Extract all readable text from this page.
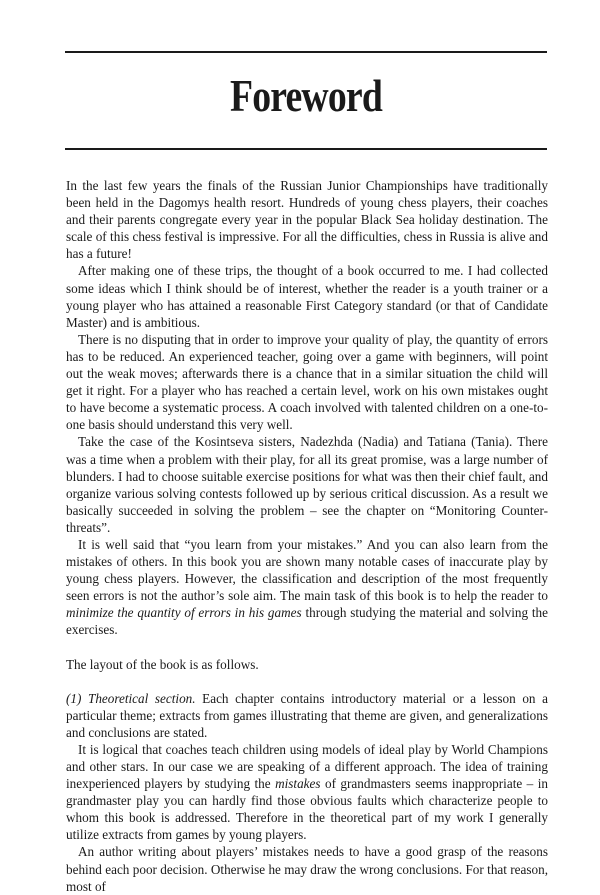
Foreword

In the last few years the finals of the Russian Junior Championships have traditionally been held in the Dagomys health resort. Hundreds of young chess players, their coaches and their parents congregate every year in the popular Black Sea holiday destination. The scale of this chess festival is impressive. For all the difficulties, chess in Russia is alive and has a future!

After making one of these trips, the thought of a book occurred to me. I had collected some ideas which I think should be of interest, whether the reader is a youth trainer or a young player who has attained a reasonable First Category standard (or that of Candidate Master) and is ambitious.

There is no disputing that in order to improve your quality of play, the quantity of errors has to be reduced. An experienced teacher, going over a game with beginners, will point out the weak moves; afterwards there is a chance that in a similar situation the child will get it right. For a player who has reached a certain level, work on his own mistakes ought to have become a systematic process. A coach involved with talented children on a one-to-one basis should understand this very well.

Take the case of the Kosintseva sisters, Nadezhda (Nadia) and Tatiana (Tania). There was a time when a problem with their play, for all its great promise, was a large number of blunders. I had to choose suitable exercise positions for what was then their chief fault, and organize various solving contests followed up by serious critical discussion. As a result we basically succeeded in solving the problem – see the chapter on “Monitoring Counter-threats”.

It is well said that “you learn from your mistakes.” And you can also learn from the mistakes of others. In this book you are shown many notable cases of inaccurate play by young chess players. However, the classification and description of the most frequently seen errors is not the author’s sole aim. The main task of this book is to help the reader to minimize the quantity of errors in his games through studying the material and solving the exercises.

The layout of the book is as follows.

(1) Theoretical section. Each chapter contains introductory material or a lesson on a particular theme; extracts from games illustrating that theme are given, and generalizations and conclusions are stated.

It is logical that coaches teach children using models of ideal play by World Champions and other stars. In our case we are speaking of a different approach. The idea of training inexperienced players by studying the mistakes of grandmasters seems inappropriate – in grandmaster play you can hardly find those obvious faults which characterize people to whom this book is addressed. Therefore in the theoretical part of my work I generally utilize extracts from games by young players.

An author writing about players’ mistakes needs to have a good grasp of the reasons behind each poor decision. Otherwise he may draw the wrong conclusions. For that reason, most of
